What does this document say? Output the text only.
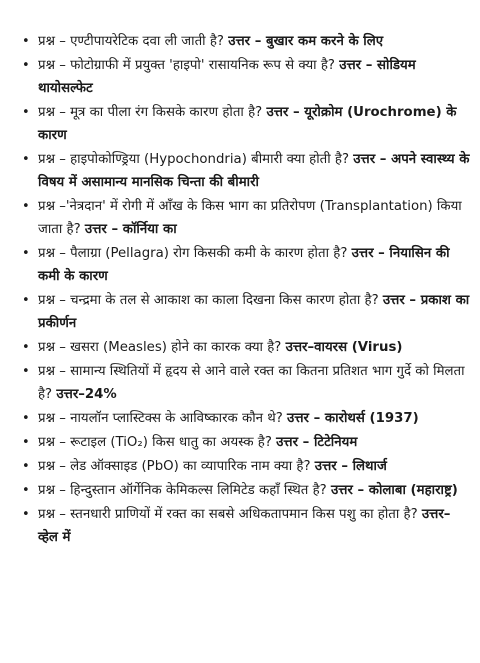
• प्रश्न – एण्टीपायरेटिक दवा ली जाती है? उत्तर – बुखार कम करने के लिए
• प्रश्न – फोटोग्राफी में प्रयुक्त 'हाइपो' रासायनिक रूप से क्या है? उत्तर – सोडियम थायोसल्फेट
• प्रश्न – मूत्र का पीला रंग किसके कारण होता है? उत्तर – यूरोक्रोम (Urochrome) के कारण
• प्रश्न – हाइपोकोण्ड्रिया (Hypochondria) बीमारी क्या होती है? उत्तर – अपने स्वास्थ्य के विषय में असामान्य मानसिक चिन्ता की बीमारी
• प्रश्न –'नेत्रदान' में रोगी में आँख के किस भाग का प्रतिरोपण (Transplantation) किया जाता है? उत्तर – कॉर्निया का
• प्रश्न – पैलाग्रा (Pellagra) रोग किसकी कमी के कारण होता है? उत्तर – नियासिन की कमी के कारण
• प्रश्न – चन्द्रमा के तल से आकाश का काला दिखना किस कारण होता है? उत्तर – प्रकाश का प्रकीर्णन
• प्रश्न – खसरा (Measles) होने का कारक क्या है? उत्तर–वायरस (Virus)
• प्रश्न – सामान्य स्थितियों में हृदय से आने वाले रक्त का कितना प्रतिशत भाग गुर्दे को मिलता है? उत्तर–24%
• प्रश्न – नायलॉन प्लास्टिक्स के आविष्कारक कौन थे? उत्तर – कारोथर्स (1937)
• प्रश्न – रूटाइल (TiO₂) किस धातु का अयस्क है? उत्तर – टिटेनियम
• प्रश्न – लेड ऑक्साइड (PbO) का व्यापारिक नाम क्या है? उत्तर – लिथार्ज
• प्रश्न – हिन्दुस्तान ऑर्गेनिक केमिकल्स लिमिटेड कहाँ स्थित है? उत्तर – कोलाबा (महाराष्ट्र)
• प्रश्न – स्तनधारी प्राणियों में रक्त का सबसे अधिकतापमान किस पशु का होता है? उत्तर–व्हेल में
